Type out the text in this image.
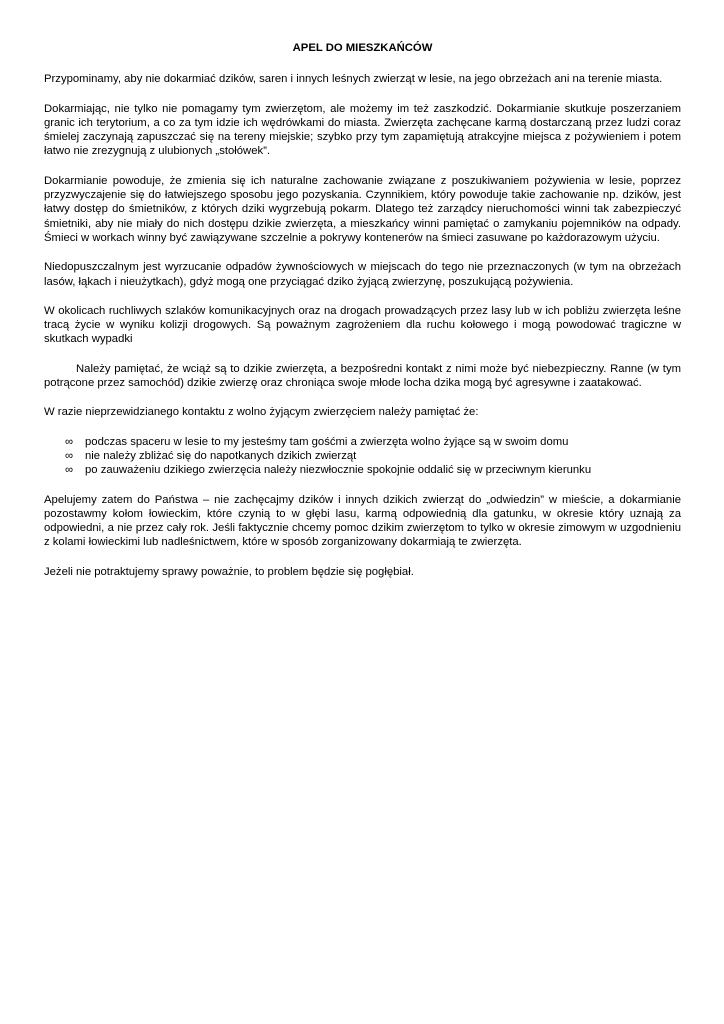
APEL DO MIESZKAŃCÓW

Przypominamy, aby nie dokarmiać dzików, saren i innych leśnych zwierząt w lesie, na jego obrzeżach ani na terenie miasta.

Dokarmiając, nie tylko nie pomagamy tym zwierzętom, ale możemy im też zaszkodzić. Dokarmianie skutkuje poszerzaniem granic ich terytorium, a co za tym idzie ich wędrówkami do miasta. Zwierzęta zachęcane karmą dostarczaną przez ludzi coraz śmielej zaczynają zapuszczać się na tereny miejskie; szybko przy tym zapamiętują atrakcyjne miejsca z pożywieniem i potem łatwo nie zrezygnują z ulubionych „stołówek”.

Dokarmianie powoduje, że zmienia się ich naturalne zachowanie związane z poszukiwaniem pożywienia w lesie, poprzez przyzwyczajenie się do łatwiejszego sposobu jego pozyskania. Czynnikiem, który powoduje takie zachowanie np. dzików, jest łatwy dostęp do śmietników, z których dziki wygrzebują pokarm. Dlatego też zarządcy nieruchomości winni tak zabezpieczyć śmietniki, aby nie miały do nich dostępu dzikie zwierzęta, a mieszkańcy winni pamiętać o zamykaniu pojemników na odpady. Śmieci w workach winny być zawiązywane szczelnie a pokrywy kontenerów na śmieci zasuwane po każdorazowym użyciu.

Niedopuszczalnym jest wyrzucanie odpadów żywnościowych w miejscach do tego nie przeznaczonych (w tym na obrzeżach lasów, łąkach i nieużytkach), gdyż mogą one przyciągać dziko żyjącą zwierzynę, poszukującą pożywienia.

W okolicach ruchliwych szlaków komunikacyjnych oraz na drogach prowadzących przez lasy lub w ich pobliżu zwierzęta leśne tracą życie w wyniku kolizji drogowych. Są poważnym zagrożeniem dla ruchu kołowego i mogą powodować tragiczne w skutkach wypadki

Należy pamiętać, że wciąż są to dzikie zwierzęta, a bezpośredni kontakt z nimi może być niebezpieczny. Ranne (w tym potrącone przez samochód) dzikie zwierzę oraz chroniąca swoje młode locha dzika mogą być agresywne i zaatakować.

W razie nieprzewidzianego kontaktu z wolno żyjącym zwierzęciem należy pamiętać że:

∞	podczas spaceru w lesie to my jesteśmy tam gośćmi a zwierzęta wolno żyjące są w swoim domu
∞	nie należy zbliżać się do napotkanych dzikich zwierząt
∞	po zauważeniu dzikiego zwierzęcia należy niezwłocznie spokojnie oddalić się w przeciwnym kierunku

Apelujemy zatem do Państwa – nie zachęcajmy dzików i innych dzikich zwierząt do „odwiedzin” w mieście, a dokarmianie pozostawmy kołom łowieckim, które czynią to w głębi lasu, karmą odpowiednią dla gatunku, w okresie który uznają za odpowiedni, a nie przez cały rok. Jeśli faktycznie chcemy pomoc dzikim zwierzętom to tylko w okresie zimowym w uzgodnieniu z kolami łowieckimi lub nadleśnictwem, które w sposób zorganizowany dokarmiają te zwierzęta.

Jeżeli nie potraktujemy sprawy poważnie, to problem będzie się pogłębiał.
